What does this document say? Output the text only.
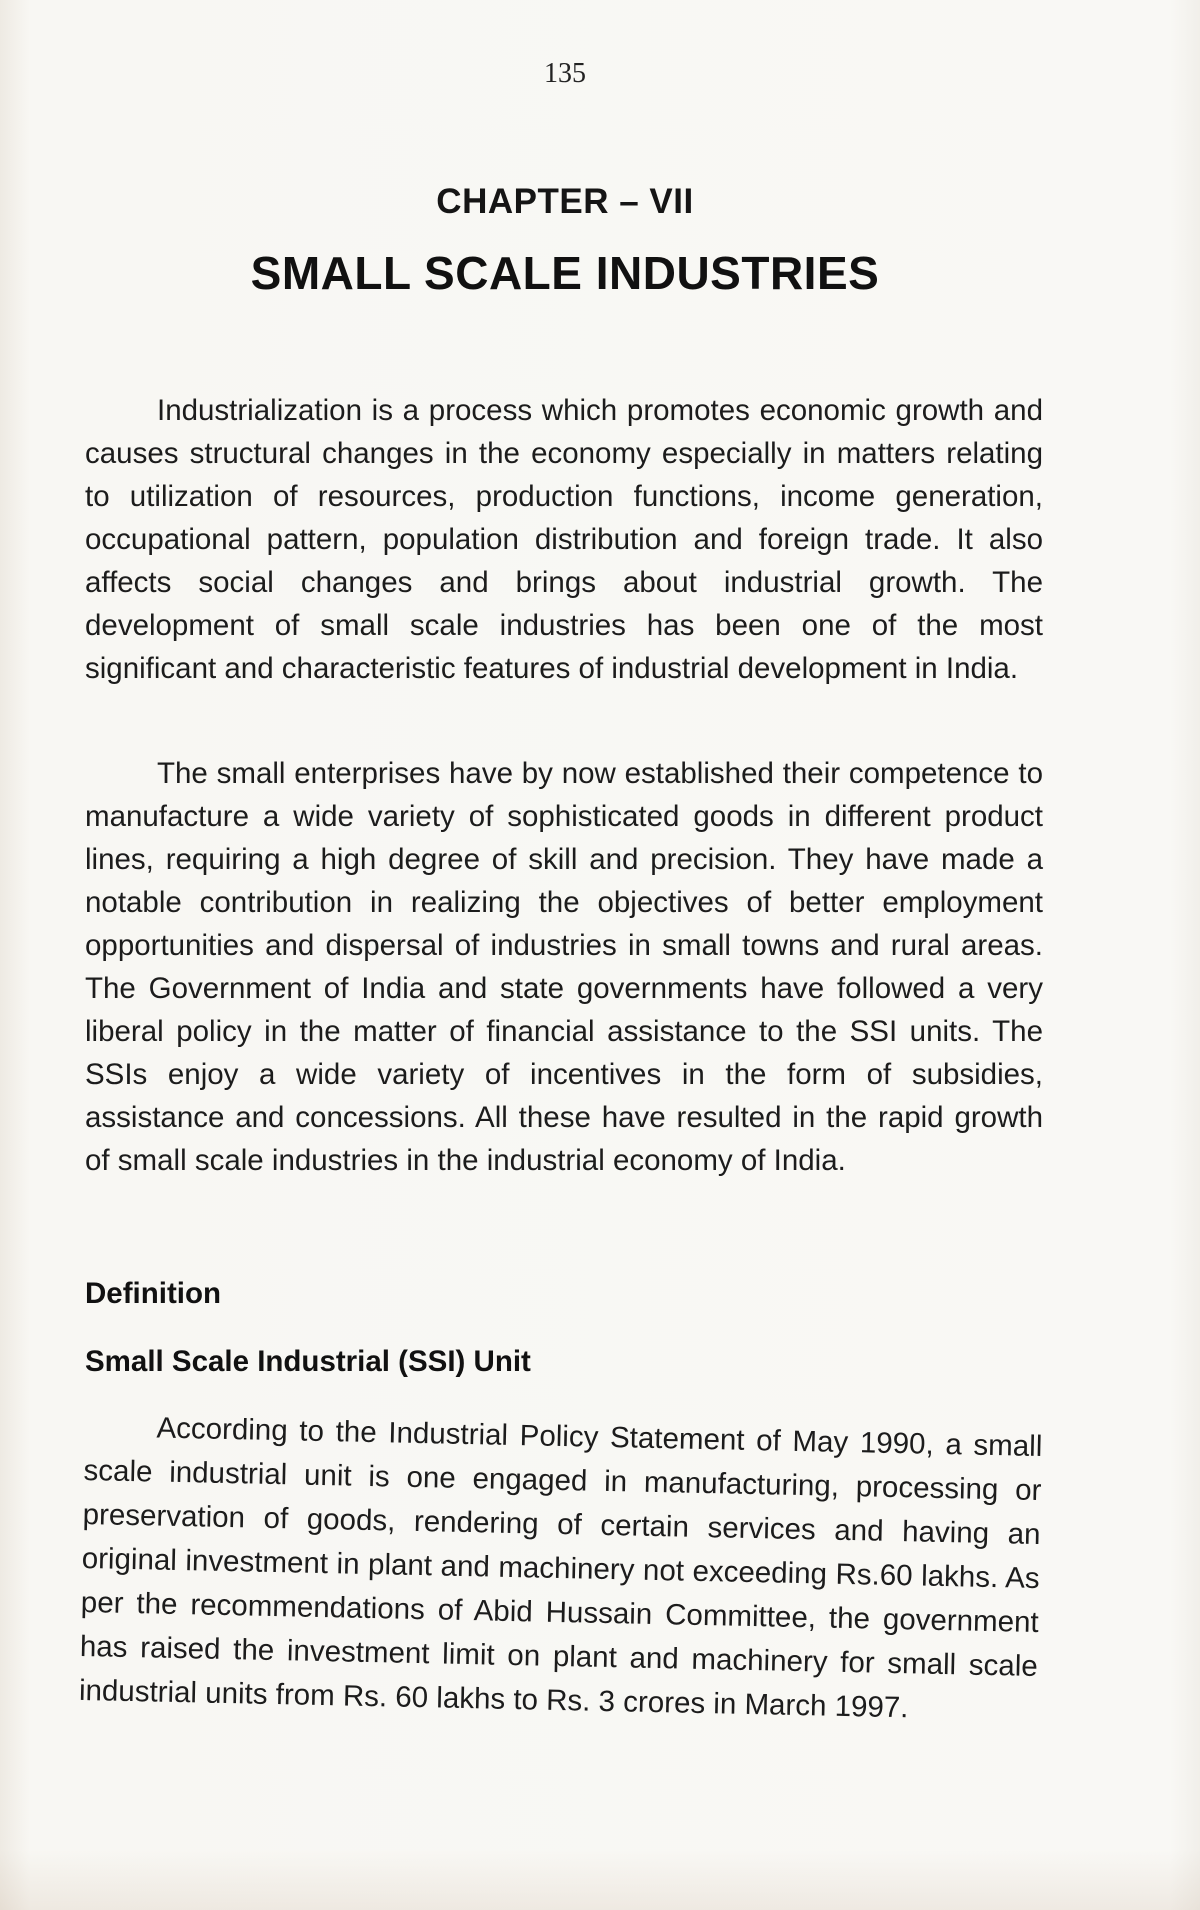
135
CHAPTER – VII
SMALL SCALE INDUSTRIES

Industrialization is a process which promotes economic growth and causes structural changes in the economy especially in matters relating to utilization of resources, production functions, income generation, occupational pattern, population distribution and foreign trade. It also affects social changes and brings about industrial growth. The development of small scale industries has been one of the most significant and characteristic features of industrial development in India.

The small enterprises have by now established their competence to manufacture a wide variety of sophisticated goods in different product lines, requiring a high degree of skill and precision. They have made a notable contribution in realizing the objectives of better employment opportunities and dispersal of industries in small towns and rural areas. The Government of India and state governments have followed a very liberal policy in the matter of financial assistance to the SSI units. The SSIs enjoy a wide variety of incentives in the form of subsidies, assistance and concessions. All these have resulted in the rapid growth of small scale industries in the industrial economy of India.

Definition
Small Scale Industrial (SSI) Unit

According to the Industrial Policy Statement of May 1990, a small scale industrial unit is one engaged in manufacturing, processing or preservation of goods, rendering of certain services and having an original investment in plant and machinery not exceeding Rs.60 lakhs. As per the recommendations of Abid Hussain Committee, the government has raised the investment limit on plant and machinery for small scale industrial units from Rs. 60 lakhs to Rs. 3 crores in March 1997.
